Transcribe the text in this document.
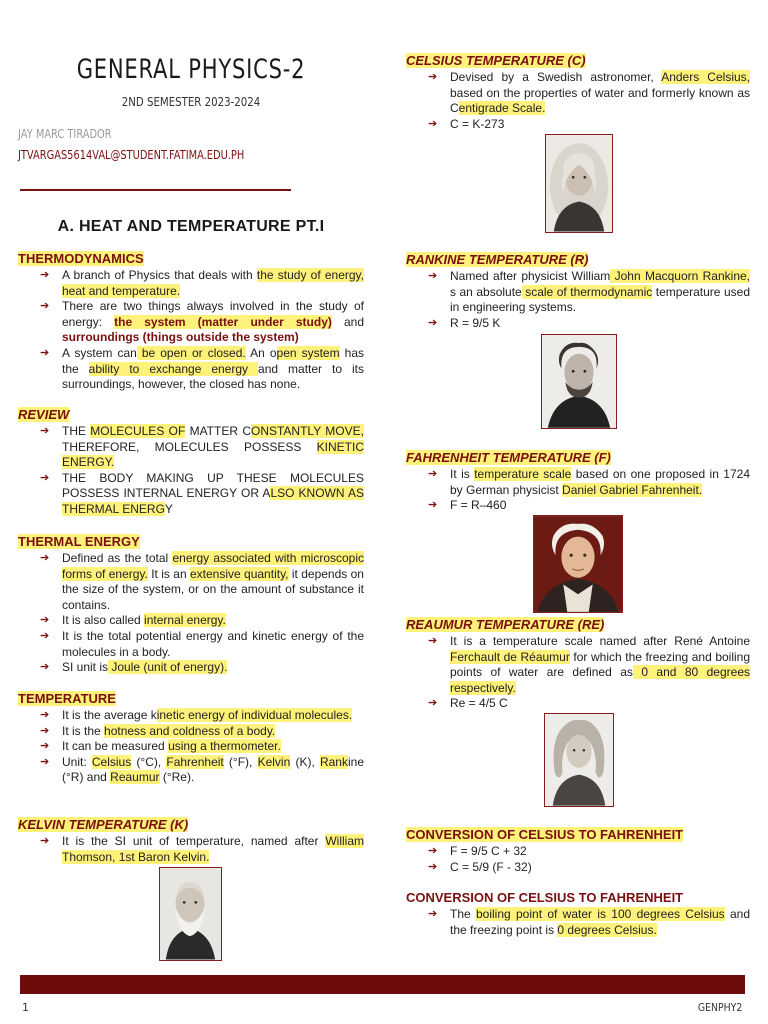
GENERAL PHYSICS-2
2ND SEMESTER 2023-2024
JAY MARC TIRADOR
JTVARGAS5614VAL@STUDENT.FATIMA.EDU.PH
A. HEAT AND TEMPERATURE PT.I
THERMODYNAMICS
➔ A branch of Physics that deals with the study of energy, heat and temperature.
➔ There are two things always involved in the study of energy: the system (matter under study) and surroundings (things outside the system)
➔ A system can be open or closed. An open system has the ability to exchange energy and matter to its surroundings, however, the closed has none.
REVIEW
➔ THE MOLECULES OF MATTER CONSTANTLY MOVE, THEREFORE, MOLECULES POSSESS KINETIC ENERGY.
➔ THE BODY MAKING UP THESE MOLECULES POSSESS INTERNAL ENERGY OR ALSO KNOWN AS THERMAL ENERGY
THERMAL ENERGY
➔ Defined as the total energy associated with microscopic forms of energy. It is an extensive quantity, it depends on the size of the system, or on the amount of substance it contains.
➔ It is also called internal energy.
➔ It is the total potential energy and kinetic energy of the molecules in a body.
➔ SI unit is Joule (unit of energy).
TEMPERATURE
➔ It is the average kinetic energy of individual molecules.
➔ It is the hotness and coldness of a body.
➔ It can be measured using a thermometer.
➔ Unit: Celsius (°C), Fahrenheit (°F), Kelvin (K), Rankine (°R) and Reaumur (°Re).
KELVIN TEMPERATURE (K)
➔ It is the SI unit of temperature, named after William Thomson, 1st Baron Kelvin.
CELSIUS TEMPERATURE (C)
➔ Devised by a Swedish astronomer, Anders Celsius, based on the properties of water and formerly known as Centigrade Scale.
➔ C = K-273
RANKINE TEMPERATURE (R)
➔ Named after physicist William John Macquorn Rankine, s an absolute scale of thermodynamic temperature used in engineering systems.
➔ R = 9/5 K
FAHRENHEIT TEMPERATURE (F)
➔ It is temperature scale based on one proposed in 1724 by German physicist Daniel Gabriel Fahrenheit.
➔ F = R–460
REAUMUR TEMPERATURE (RE)
➔ It is a temperature scale named after René Antoine Ferchault de Réaumur for which the freezing and boiling points of water are defined as 0 and 80 degrees respectively.
➔ Re = 4/5 C
CONVERSION OF CELSIUS TO FAHRENHEIT
➔ F = 9/5 C + 32
➔ C = 5/9 (F - 32)
CONVERSION OF CELSIUS TO FAHRENHEIT
➔ The boiling point of water is 100 degrees Celsius and the freezing point is 0 degrees Celsius.
1	GENPHY2
